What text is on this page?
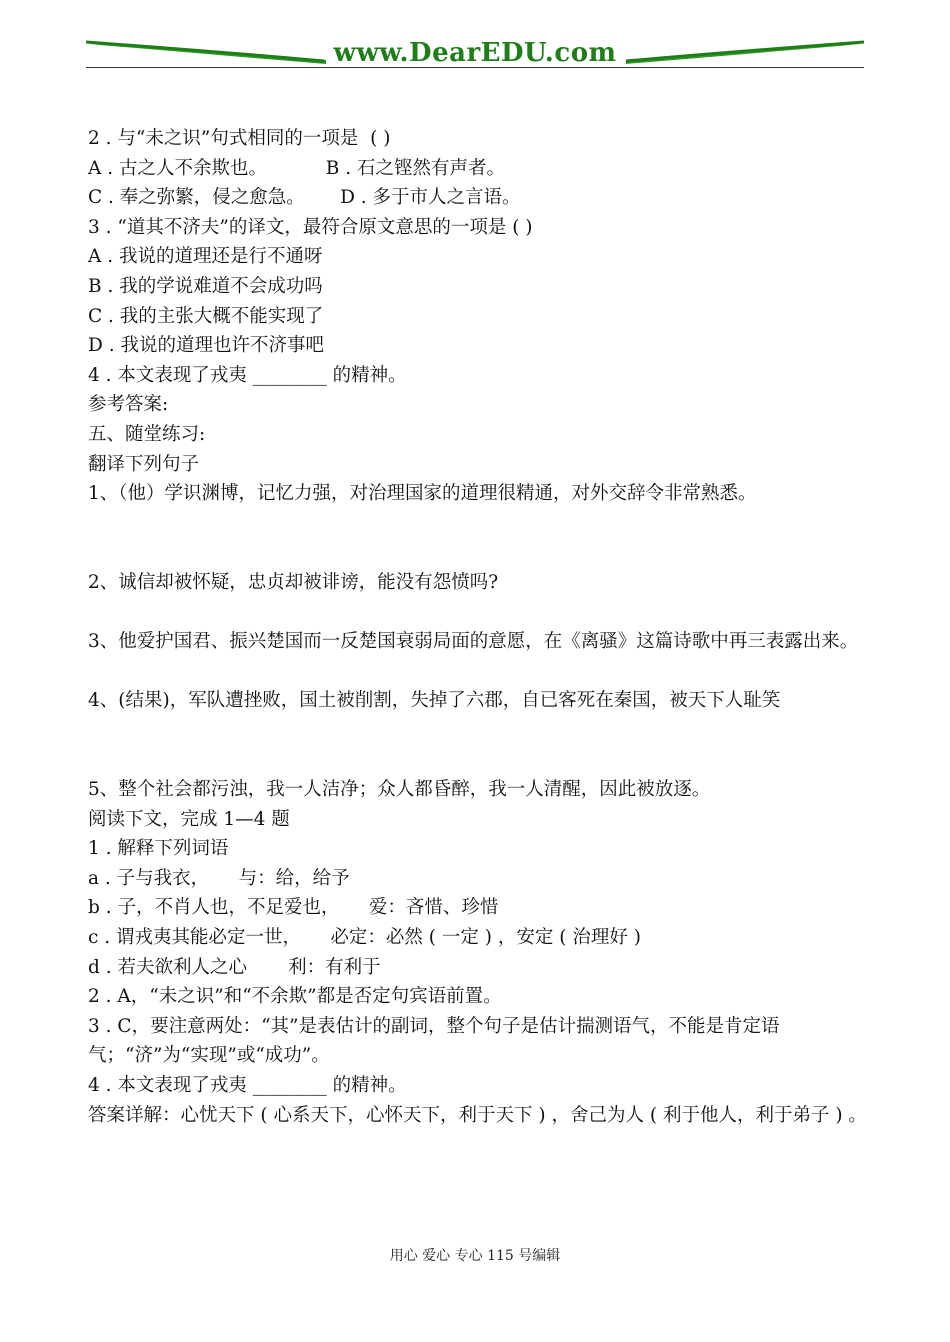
www.DearEDU.com
2 . 与“未之识”句式相同的一项是  ( )
A . 古之人不余欺也。          B . 石之铿然有声者。
C . 奉之弥繁，侵之愈急。      D . 多于市人之言语。
3 . “道其不济夫”的译文，最符合原文意思的一项是 ( )
A . 我说的道理还是行不通呀
B . 我的学说难道不会成功吗
C . 我的主张大概不能实现了
D . 我说的道理也许不济事吧
4 . 本文表现了戎夷 ________ 的精神。
参考答案:
五、随堂练习:
翻译下列句子
1、（他）学识渊博，记忆力强，对治理国家的道理很精通，对外交辞令非常熟悉。
2、诚信却被怀疑，忠贞却被诽谤，能没有怨愤吗?
3、他爱护国君、振兴楚国而一反楚国衰弱局面的意愿，在《离骚》这篇诗歌中再三表露出来。
4、(结果)，军队遭挫败，国土被削割，失掉了六郡，自已客死在秦国，被天下人耻笑
5、整个社会都污浊，我一人洁净；众人都昏醉，我一人清醒，因此被放逐。
阅读下文，完成 1—4 题
1 . 解释下列词语
a . 子与我衣，     与：给，给予
b . 子，不肖人也，不足爱也，     爱：吝惜、珍惜
c . 谓戎夷其能必定一世，     必定：必然 ( 一定 ) ，安定 ( 治理好 )
d . 若夫欲利人之心       利：有利于
2 . A，“未之识”和“不余欺”都是否定句宾语前置。
3 . C，要注意两处：“其”是表估计的副词，整个句子是估计揣测语气，不能是肯定语气；“济”为“实现”或“成功”。
4 . 本文表现了戎夷 ________ 的精神。
答案详解：心忧天下 ( 心系天下，心怀天下，利于天下 ) ，舍己为人 ( 利于他人，利于弟子 ) 。
用心 爱心 专心 115 号编辑
